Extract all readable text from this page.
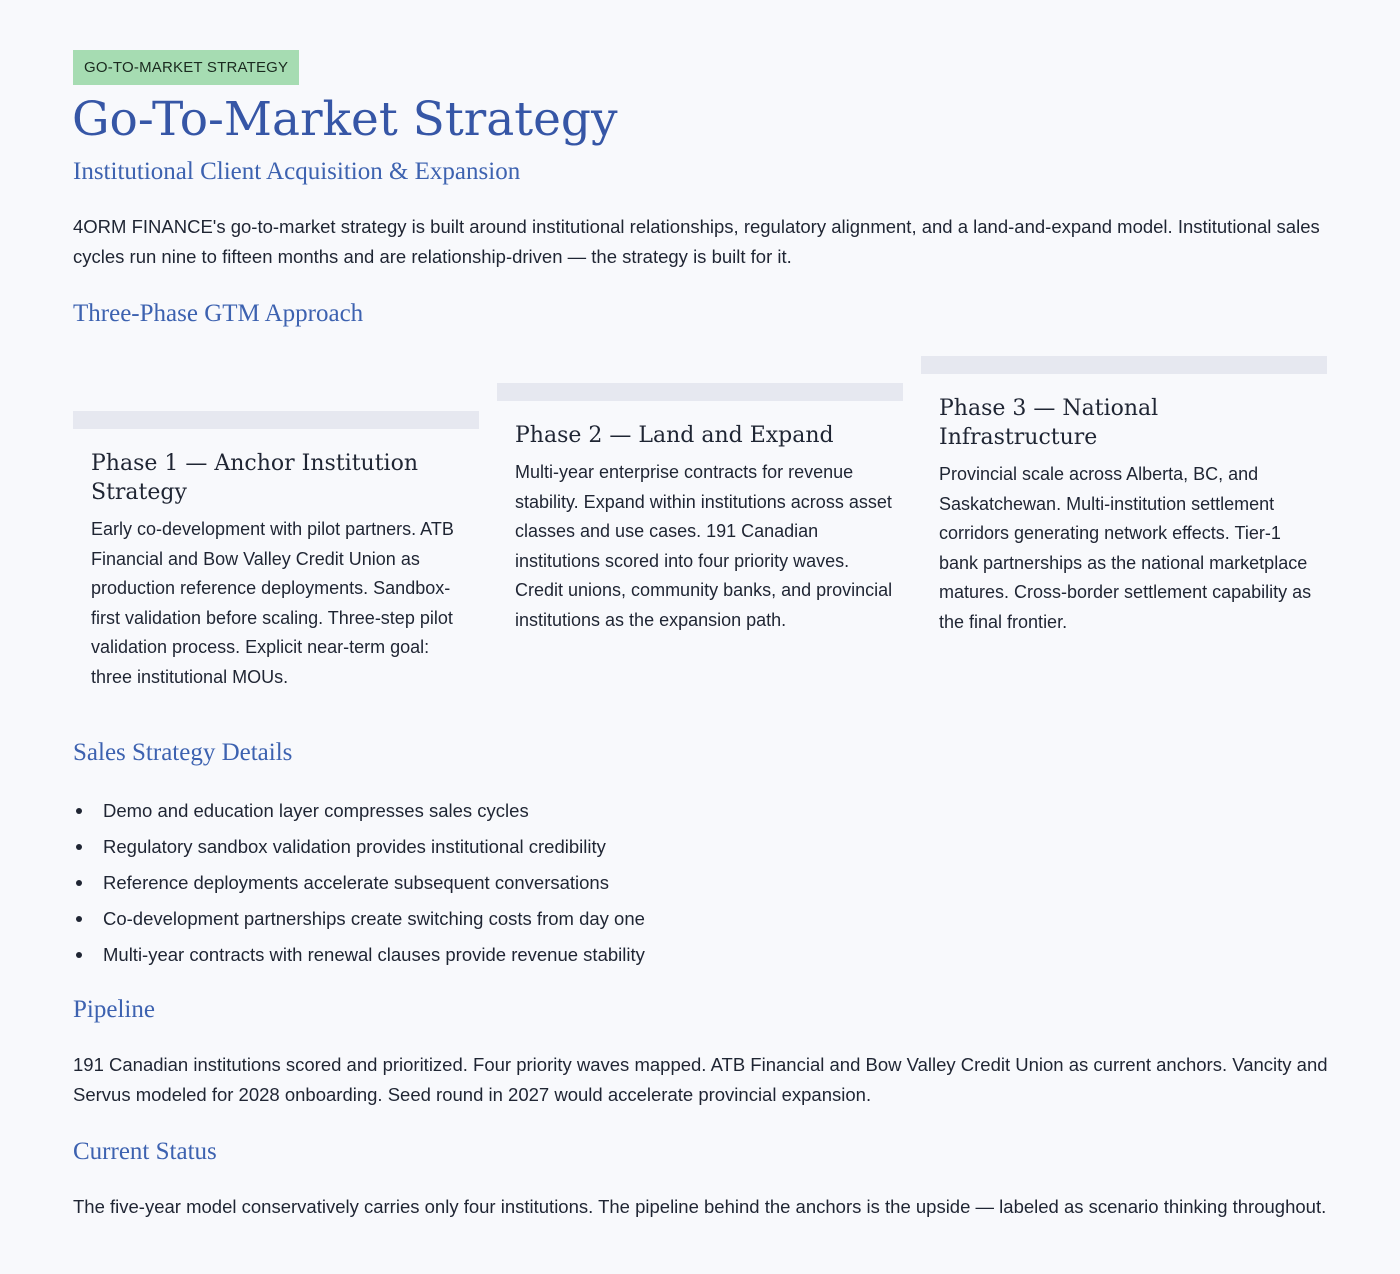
GO-TO-MARKET STRATEGY
Go-To-Market Strategy
Institutional Client Acquisition & Expansion

4ORM FINANCE's go-to-market strategy is built around institutional relationships, regulatory alignment, and a land-and-expand model. Institutional sales cycles run nine to fifteen months and are relationship-driven — the strategy is built for it.

Three-Phase GTM Approach
Phase 1 — Anchor Institution Strategy

Early co-development with pilot partners. ATB Financial and Bow Valley Credit Union as production reference deployments. Sandbox-first validation before scaling. Three-step pilot validation process. Explicit near-term goal: three institutional MOUs.

Phase 2 — Land and Expand

Multi-year enterprise contracts for revenue stability. Expand within institutions across asset classes and use cases. 191 Canadian institutions scored into four priority waves. Credit unions, community banks, and provincial institutions as the expansion path.

Phase 3 — National Infrastructure

Provincial scale across Alberta, BC, and Saskatchewan. Multi-institution settlement corridors generating network effects. Tier-1 bank partnerships as the national marketplace matures. Cross-border settlement capability as the final frontier.

Sales Strategy Details
Demo and education layer compresses sales cycles
Regulatory sandbox validation provides institutional credibility
Reference deployments accelerate subsequent conversations
Co-development partnerships create switching costs from day one
Multi-year contracts with renewal clauses provide revenue stability
Pipeline

191 Canadian institutions scored and prioritized. Four priority waves mapped. ATB Financial and Bow Valley Credit Union as current anchors. Vancity and Servus modeled for 2028 onboarding. Seed round in 2027 would accelerate provincial expansion.

Current Status

The five-year model conservatively carries only four institutions. The pipeline behind the anchors is the upside — labeled as scenario thinking throughout.
